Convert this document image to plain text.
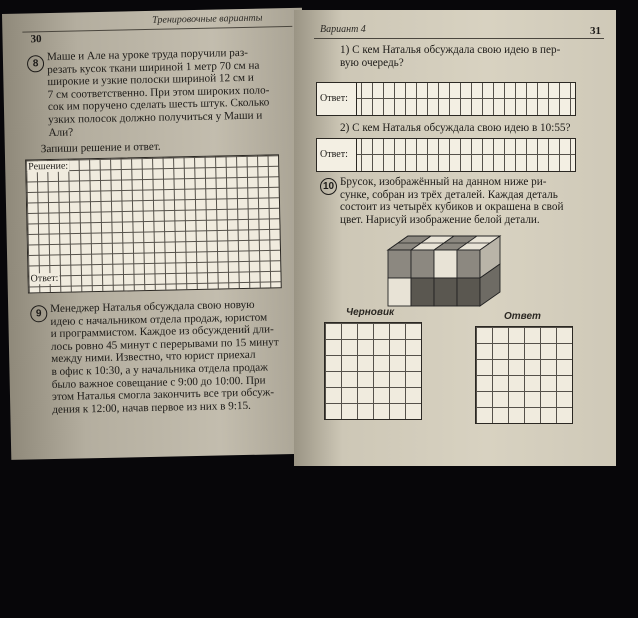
Тренировочные варианты
30
8
Маше и Але на уроке труда поручили раз-
резать кусок ткани шириной 1 метр 70 см на
широкие и узкие полоски шириной 12 см и
7 см соответственно. При этом широких поло-
сок им поручено сделать шесть штук. Сколько
узких полосок должно получиться у Маши и
Али?
Запиши решение и ответ.
Решение:
Ответ:
9 Менеджер Наталья обсуждала свою новую
идею с начальником отдела продаж, юристом
и программистом. Каждое из обсуждений дли-
лось ровно 45 минут с перерывами по 15 минут
между ними. Известно, что юрист приехал
в офис к 10:30, а у начальника отдела продаж
было важное совещание с 9:00 до 10:00. При
этом Наталья смогла закончить все три обсуж-
дения к 12:00, начав первое из них в 9:15.
Вариант 4	31
1) С кем Наталья обсуждала свою идею в пер-
вую очередь?
Ответ:
2) С кем Наталья обсуждала свою идею в 10:55?
Ответ:
10 Брусок, изображённый на данном ниже ри-
сунке, собран из трёх деталей. Каждая деталь
состоит из четырёх кубиков и окрашена в свой
цвет. Нарисуй изображение белой детали.
Черновик	Ответ
